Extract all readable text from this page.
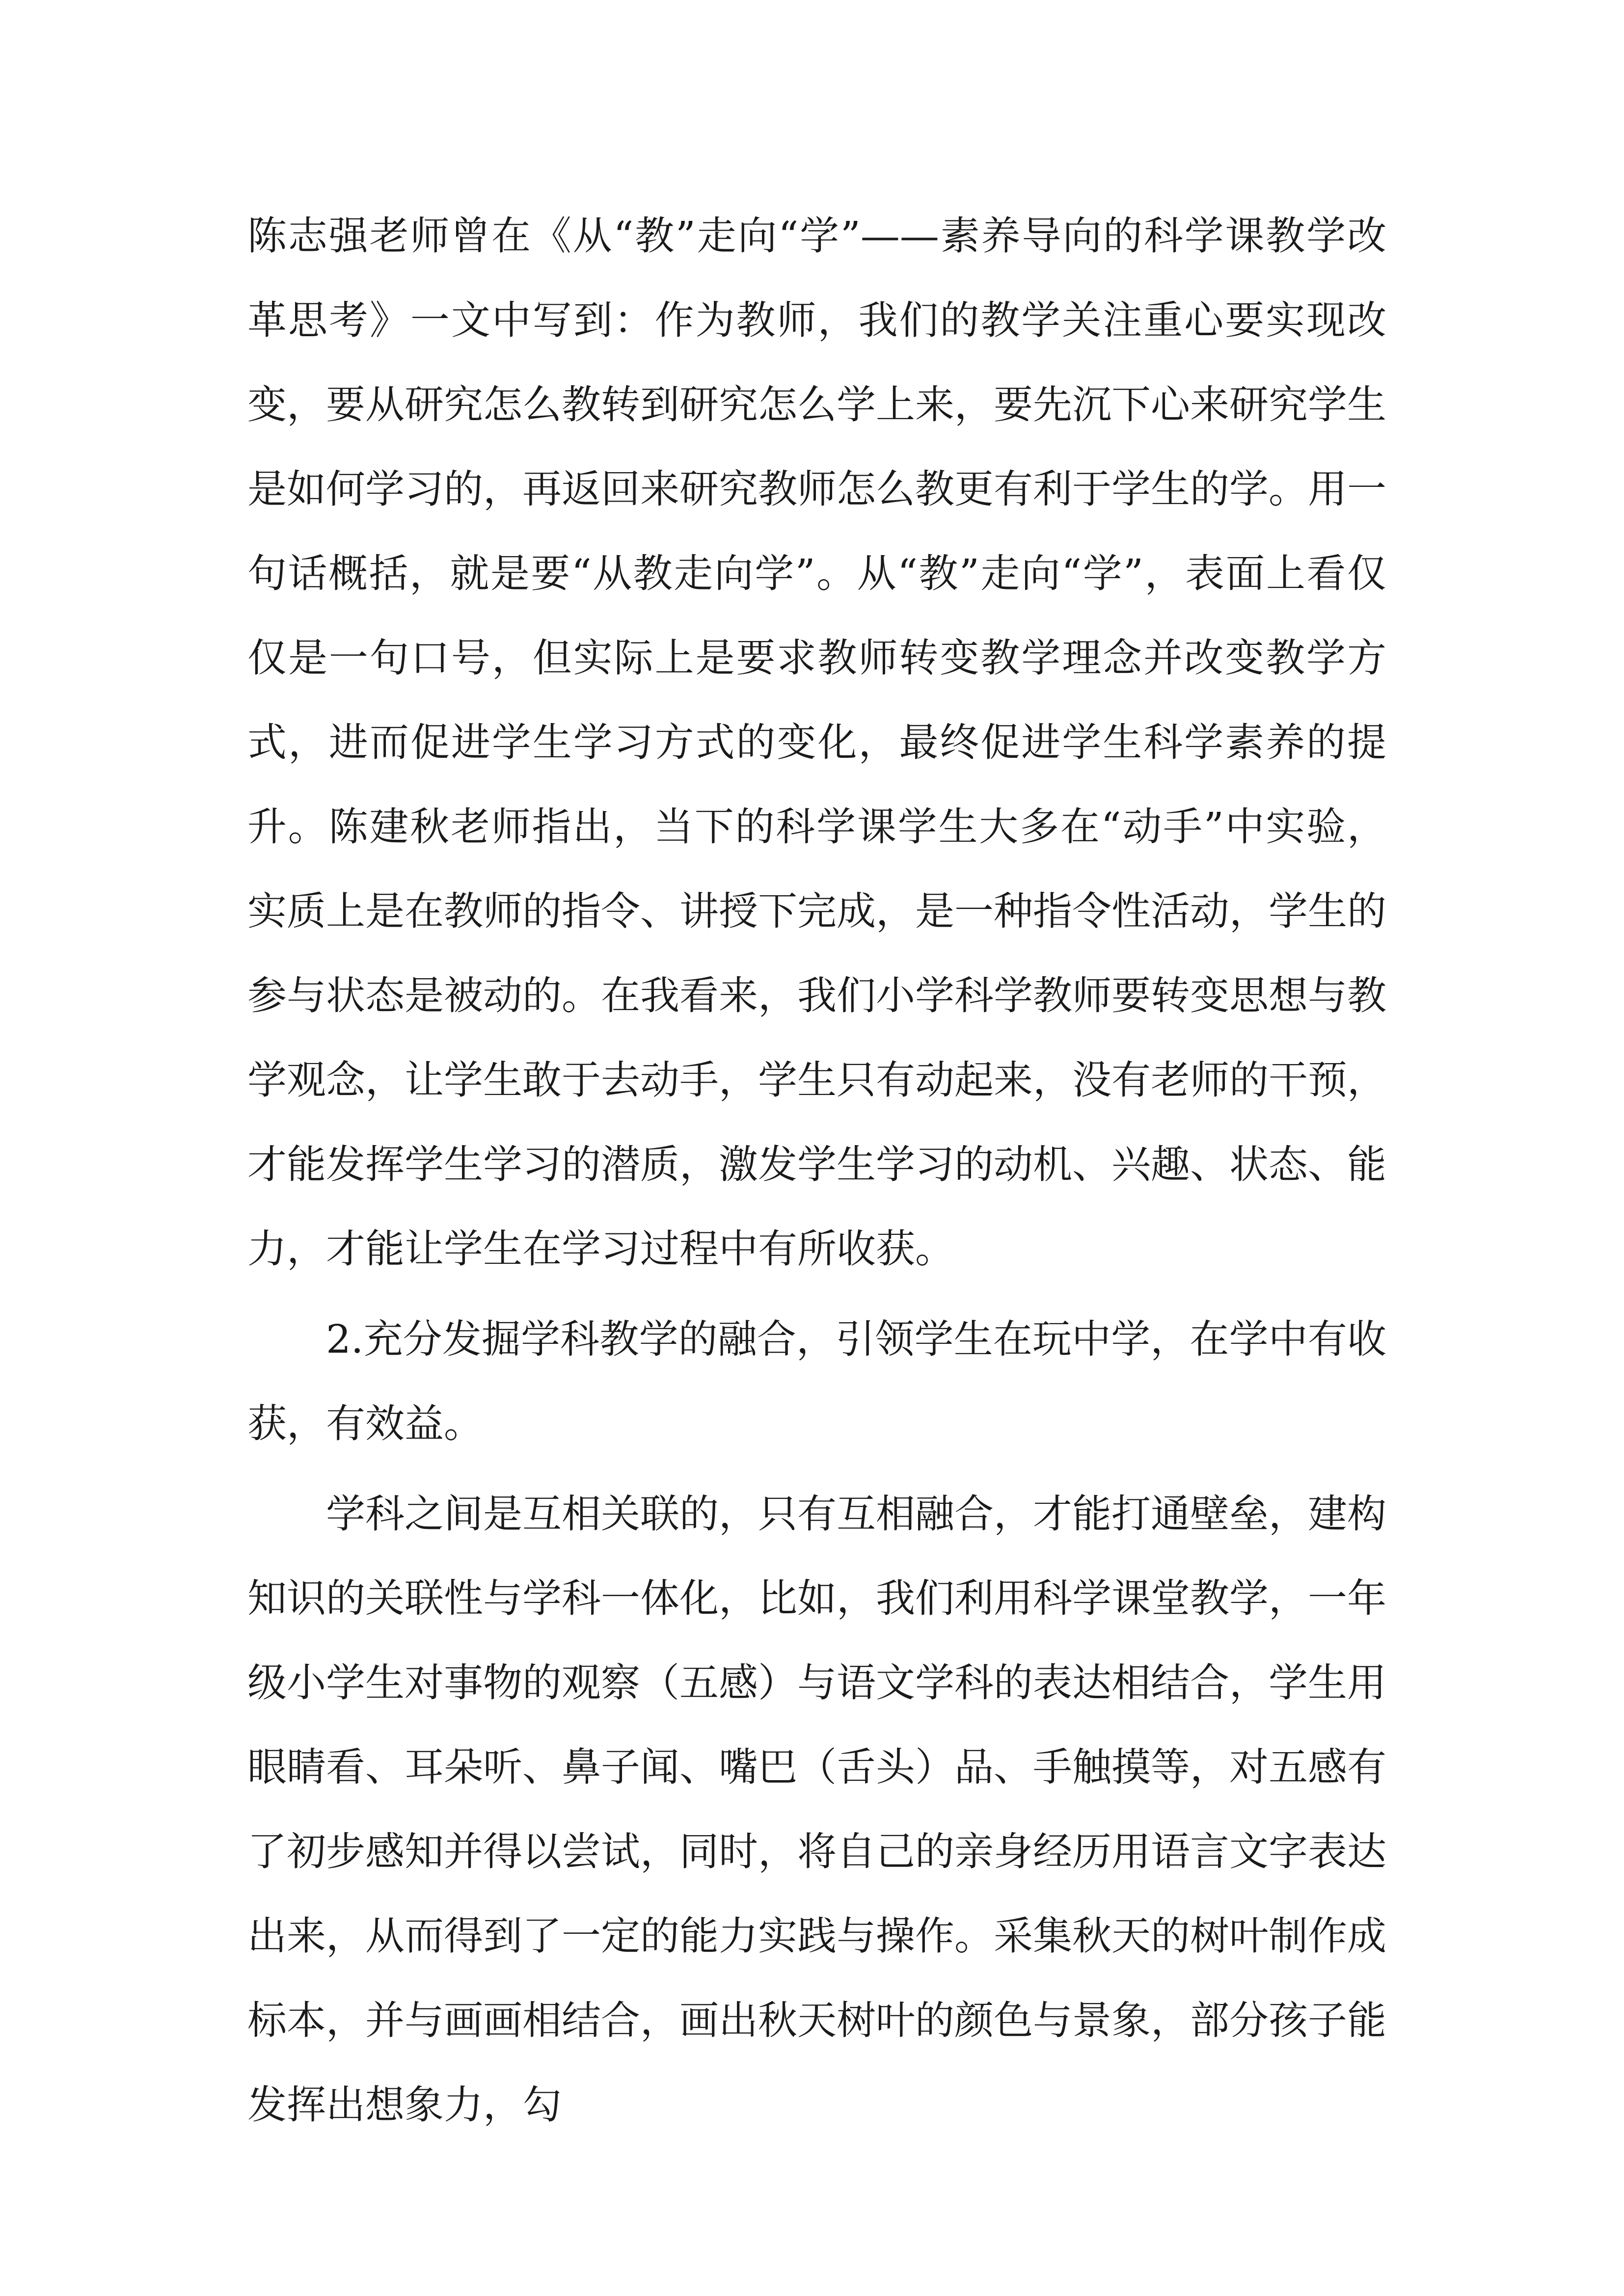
陈志强老师曾在《从“教”走向“学”——素养导向的科学课教学改革思考》一文中写到：作为教师，我们的教学关注重心要实现改变，要从研究怎么教转到研究怎么学上来，要先沉下心来研究学生是如何学习的，再返回来研究教师怎么教更有利于学生的学。用一句话概括，就是要“从教走向学”。从“教”走向“学”，表面上看仅仅是一句口号，但实际上是要求教师转变教学理念并改变教学方式，进而促进学生学习方式的变化，最终促进学生科学素养的提升。陈建秋老师指出，当下的科学课学生大多在“动手”中实验，实质上是在教师的指令、讲授下完成，是一种指令性活动，学生的参与状态是被动的。在我看来，我们小学科学教师要转变思想与教学观念，让学生敢于去动手，学生只有动起来，没有老师的干预，才能发挥学生学习的潜质，激发学生学习的动机、兴趣、状态、能力，才能让学生在学习过程中有所收获。

2.充分发掘学科教学的融合，引领学生在玩中学，在学中有收获，有效益。

学科之间是互相关联的，只有互相融合，才能打通壁垒，建构知识的关联性与学科一体化，比如，我们利用科学课堂教学，一年级小学生对事物的观察（五感）与语文学科的表达相结合，学生用眼睛看、耳朵听、鼻子闻、嘴巴（舌头）品、手触摸等，对五感有了初步感知并得以尝试，同时，将自己的亲身经历用语言文字表达出来，从而得到了一定的能力实践与操作。采集秋天的树叶制作成标本，并与画画相结合，画出秋天树叶的颜色与景象，部分孩子能发挥出想象力，勾
